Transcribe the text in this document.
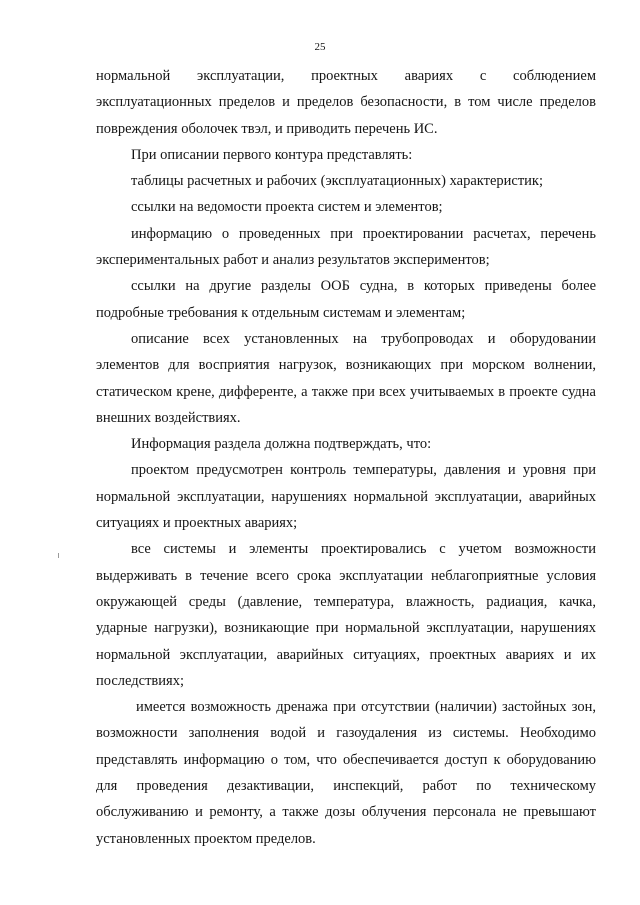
25

нормальной эксплуатации, проектных авариях с соблюдением эксплуатационных пределов и пределов безопасности, в том числе пределов повреждения оболочек твэл, и приводить перечень ИС.

При описании первого контура представлять:

таблицы расчетных и рабочих (эксплуатационных) характеристик;

ссылки на ведомости проекта систем и элементов;

информацию о проведенных при проектировании расчетах, перечень экспериментальных работ и анализ результатов экспериментов;

ссылки на другие разделы ООБ судна, в которых приведены более подробные требования к отдельным системам и элементам;

описание всех установленных на трубопроводах и оборудовании элементов для восприятия нагрузок, возникающих при морском волнении, статическом крене, дифференте, а также при всех учитываемых в проекте судна внешних воздействиях.

Информация раздела должна подтверждать, что:

проектом предусмотрен контроль температуры, давления и уровня при нормальной эксплуатации, нарушениях нормальной эксплуатации, аварийных ситуациях и проектных авариях;

все системы и элементы проектировались с учетом возможности выдерживать в течение всего срока эксплуатации неблагоприятные условия окружающей среды (давление, температура, влажность, радиация, качка, ударные нагрузки), возникающие при нормальной эксплуатации, нарушениях нормальной эксплуатации, аварийных ситуациях, проектных авариях и их последствиях;

имеется возможность дренажа при отсутствии (наличии) застойных зон, возможности заполнения водой и газоудаления из системы. Необходимо представлять информацию о том, что обеспечивается доступ к оборудованию для проведения дезактивации, инспекций, работ по техническому обслуживанию и ремонту, а также дозы облучения персонала не превышают установленных проектом пределов.
